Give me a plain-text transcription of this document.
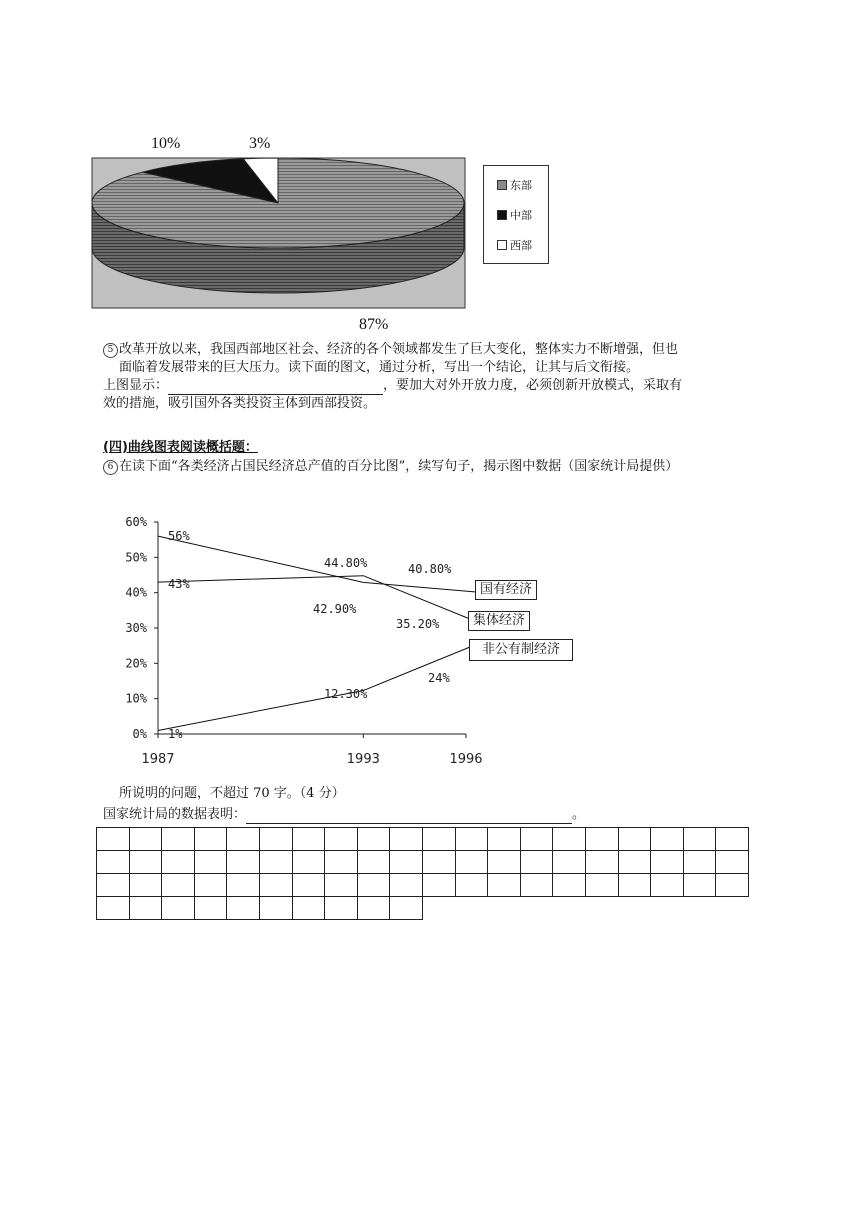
10%	3%
87%
东部
中部
西部
5 改革开放以来，我国西部地区社会、经济的各个领域都发生了巨大变化，整体实力不断增强，但也
面临着发展带来的巨大压力。读下面的图文，通过分析，写出一个结论，让其与后文衔接。
上图显示：	，要加大对外开放力度，必须创新开放模式，采取有
效的措施，吸引国外各类投资主体到西部投资。
(四)曲线图表阅读概括题：
6 在读下面“各类经济占国民经济总产值的百分比图”，续写句子，揭示图中数据（国家统计局提供）
0%
10%
20%
30%
40%
50%
60%
1987	1993	1996
56%
42.90%
35.20%
43%
44.80%	40.80%
1%
12.30%
24%
国有经济
集体经济
非公有制经济
所说明的问题，不超过 70 字。（4 分）
国家统计局的数据表明：	。
